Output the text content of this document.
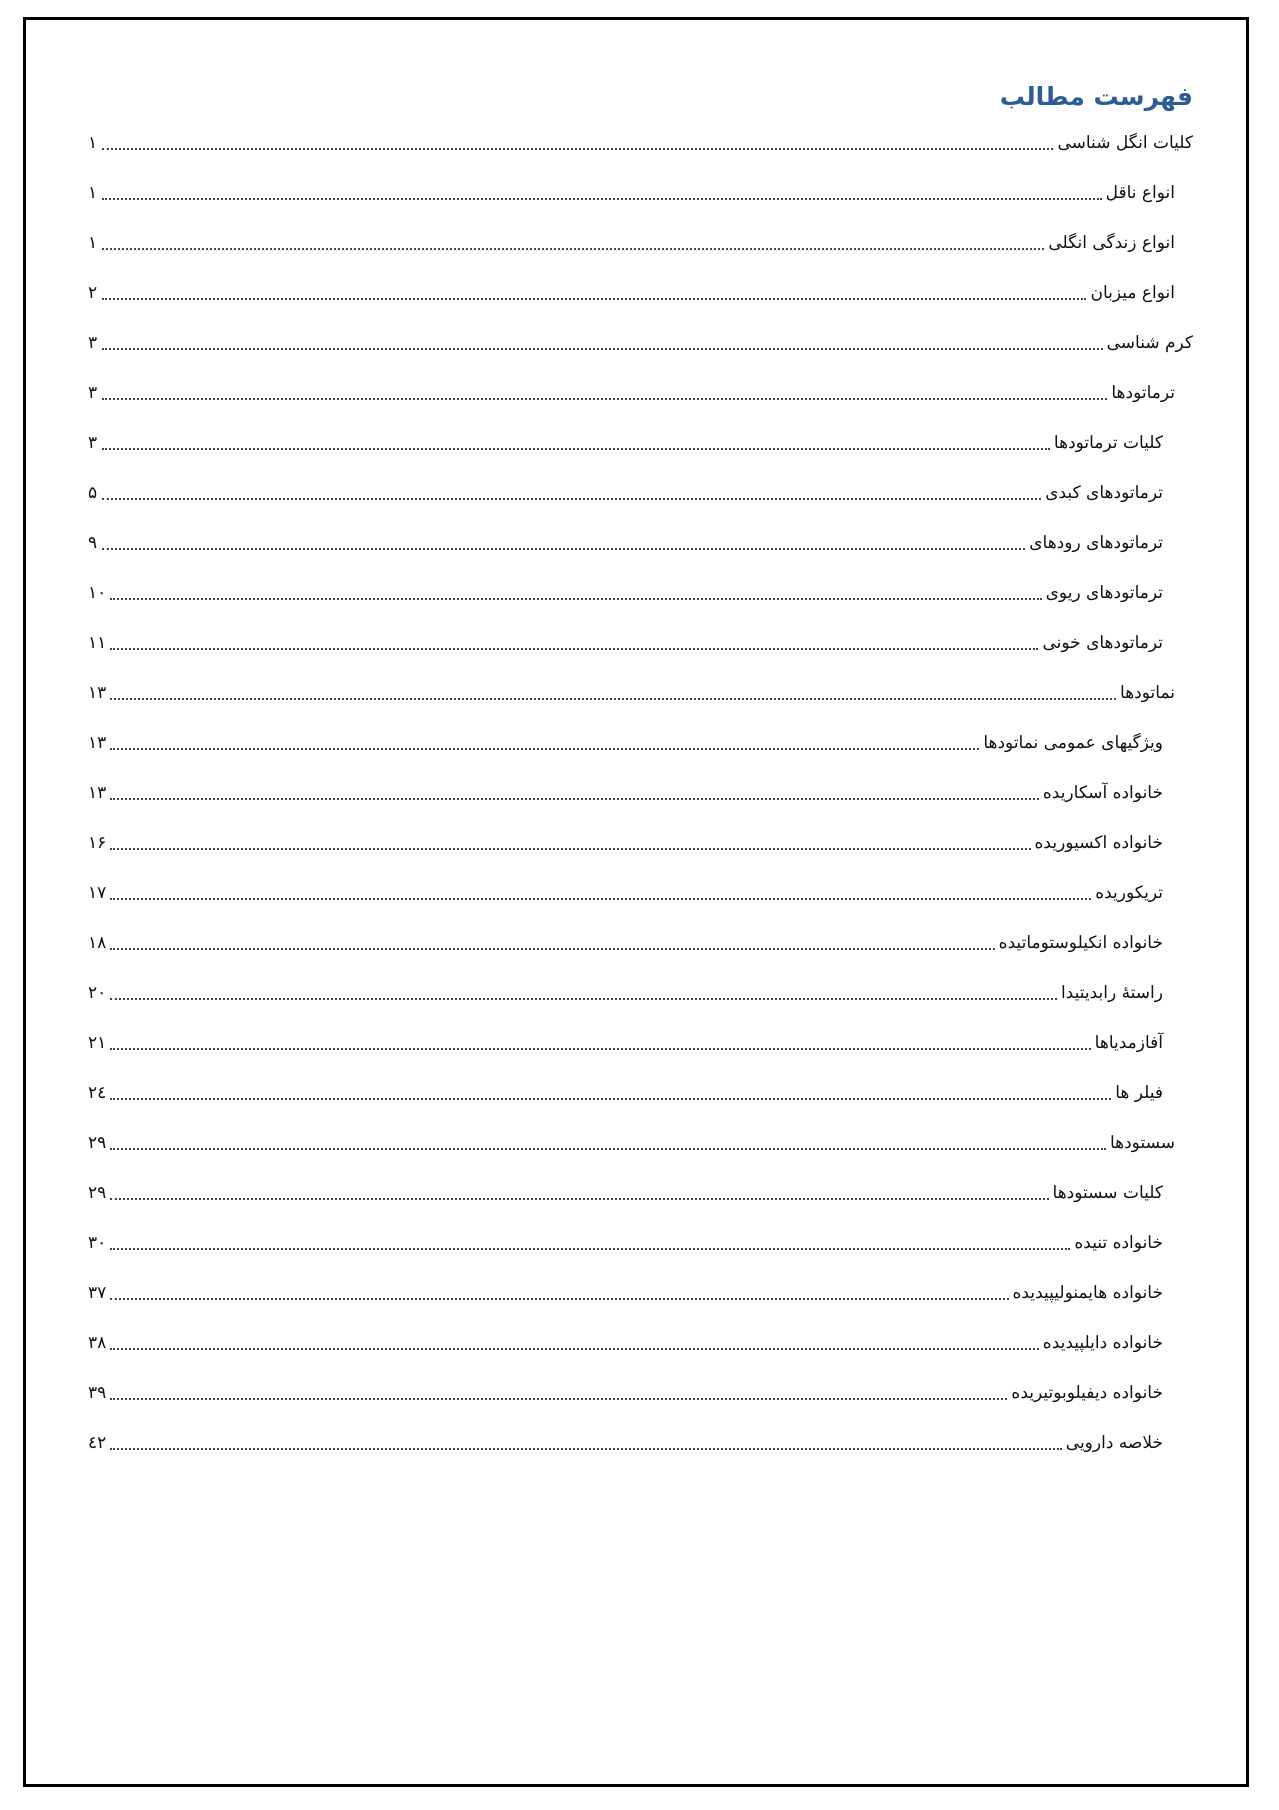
فهرست مطالب
کلیات انگل شناسی
۱
انواع ناقل
۱
انواع زندگی انگلی
۱
انواع میزبان
۲
کرم شناسی
۳
ترماتودها
۳
کلیات ترماتودها
۳
ترماتودهای کبدی
۵
ترماتودهای رودهای
۹
ترماتودهای ریوی
۱۰
ترماتودهای خونی
۱۱
نماتودها
۱۳
ویژگیهای عمومی نماتودها
۱۳
خانواده آسکاریده
۱۳
خانواده اکسیوریده
۱۶
تریکوریده
۱۷
خانواده انکیلوستوماتیده
۱۸
راستهٔ رابدیتیدا
۲۰
آفازمدیاها
۲۱
فیلر ها
۲٤
سستودها
۲۹
کلیات سستودها
۲۹
خانواده تنیده
۳۰
خانواده هایمنولیپیدیده
۳۷
خانواده دایلپیدیده
۳۸
خانواده دیفیلوبوتیریده
۳۹
خلاصه دارویی
٤۲
